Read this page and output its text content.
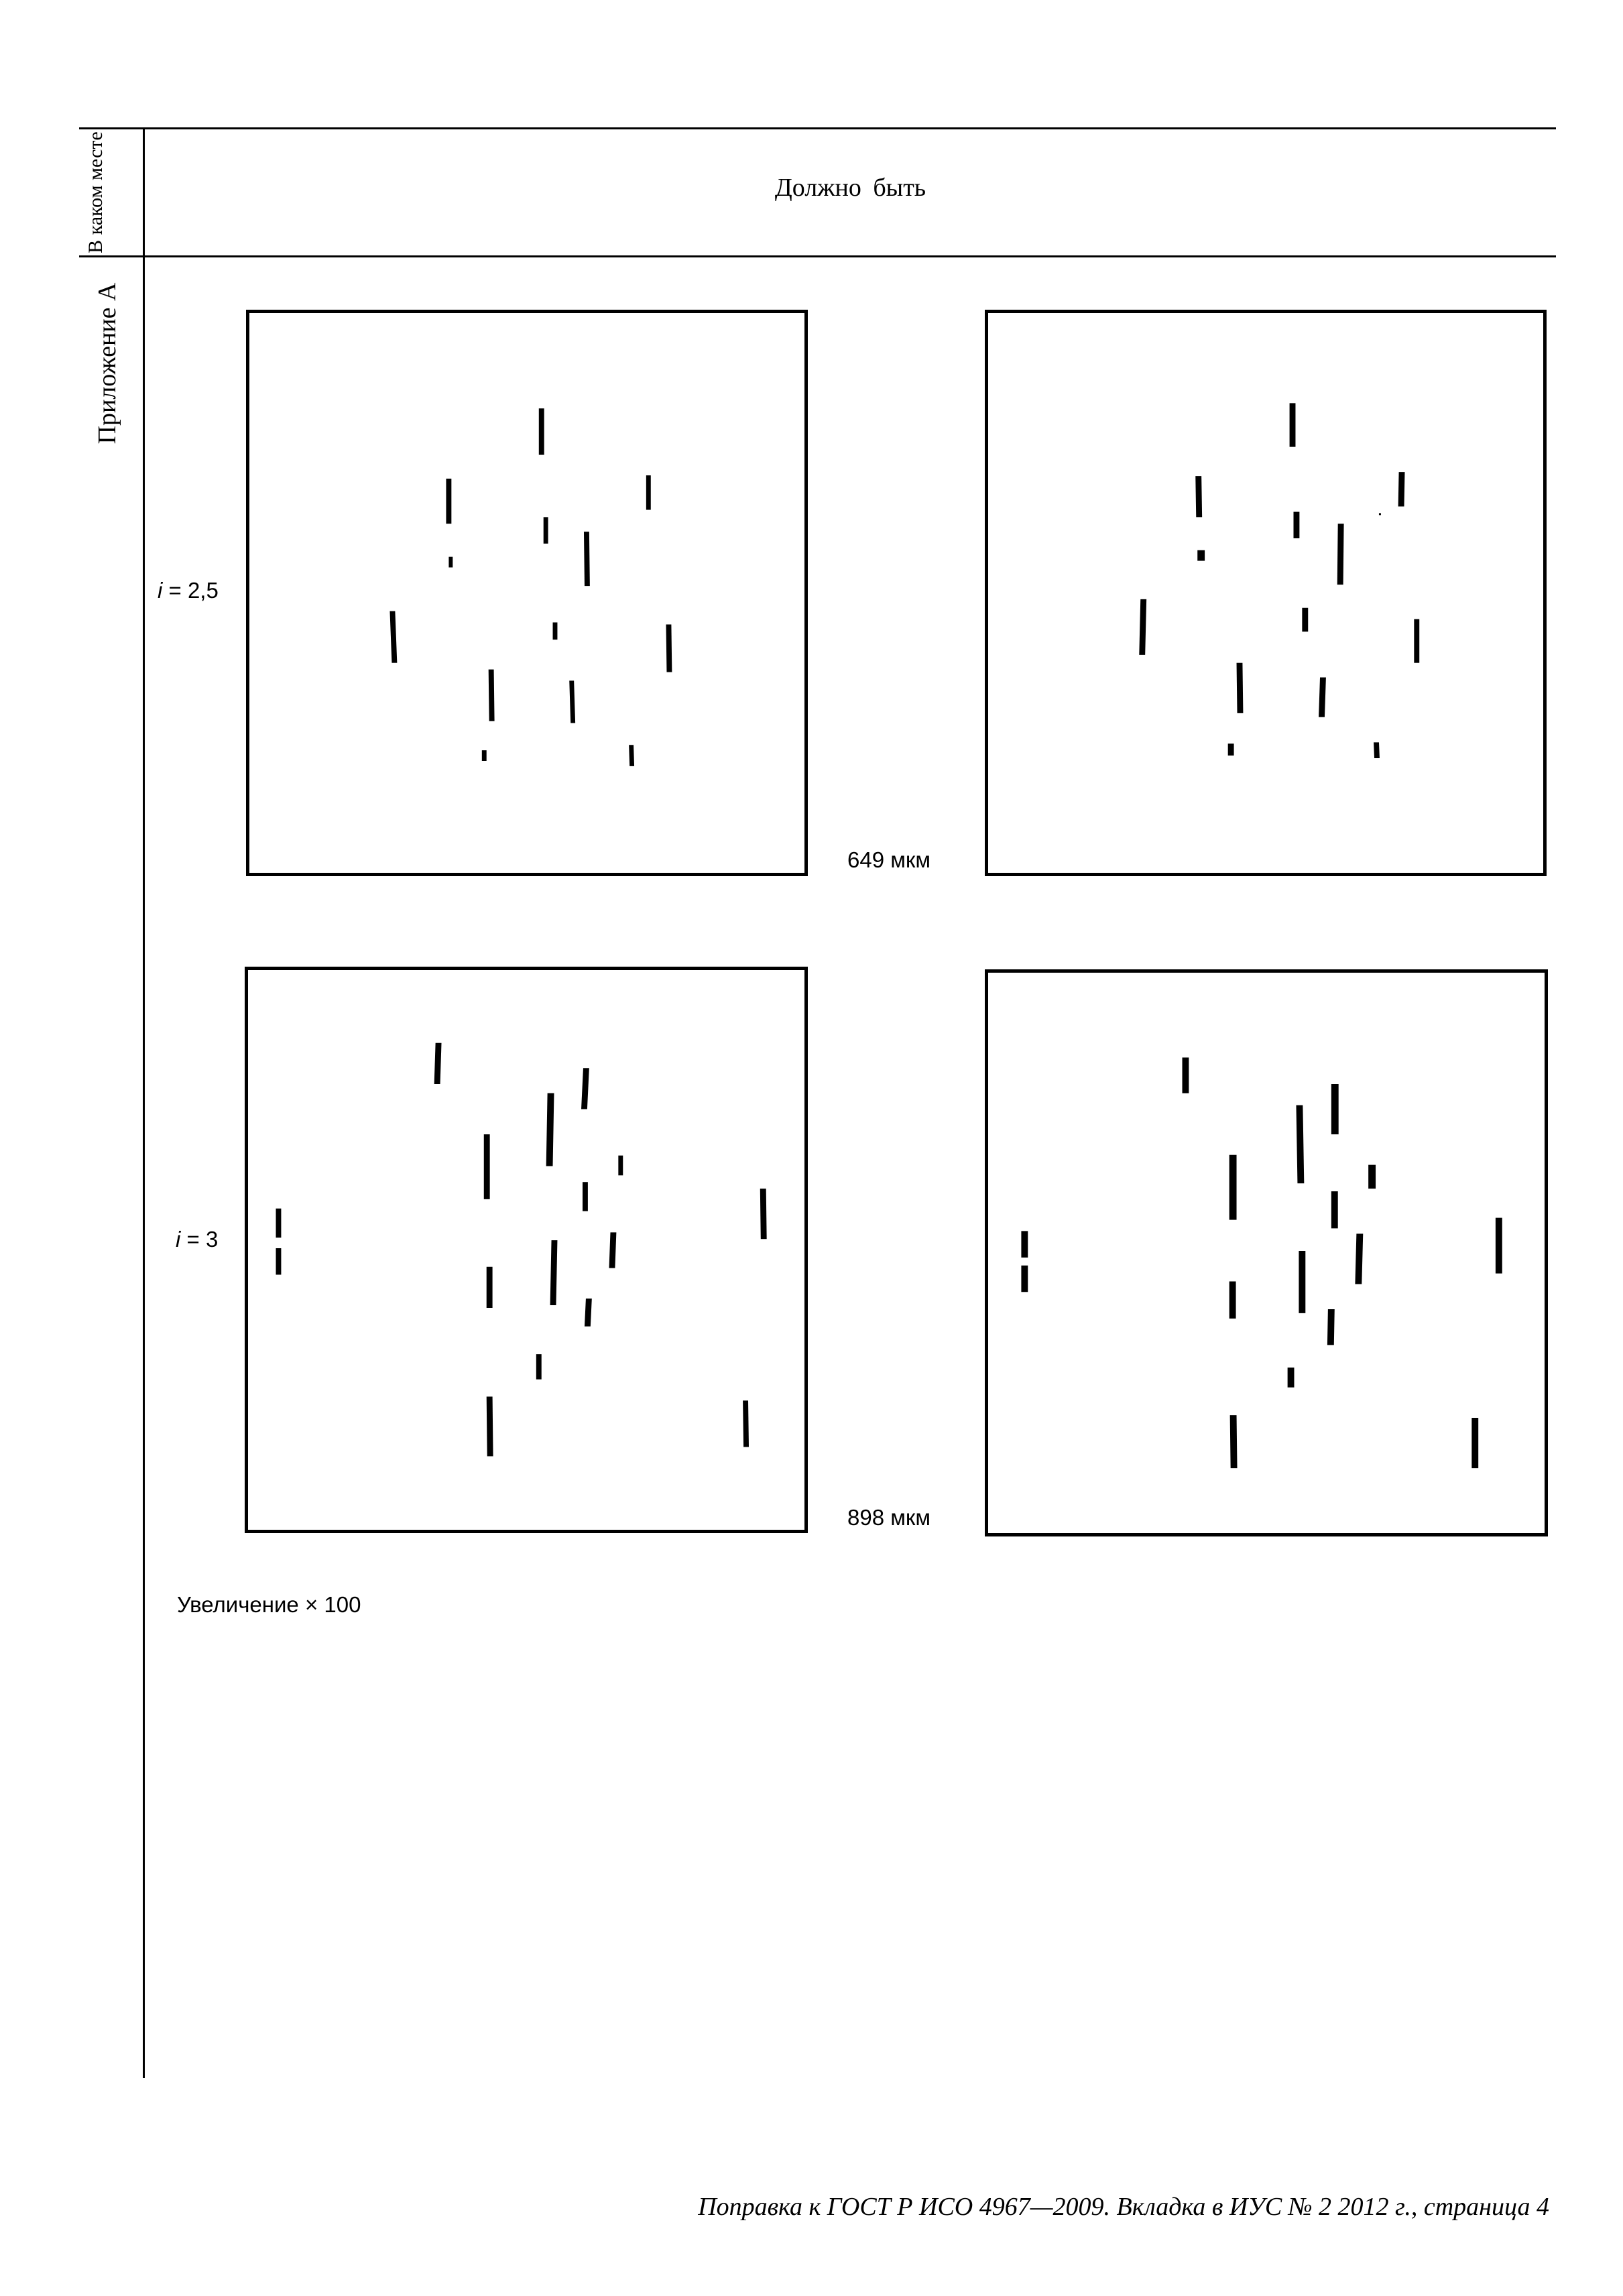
В каком месте	Должно быть
Приложение А
i = 2,5
649 мкм
i = 3
898 мкм
Увеличение × 100
Поправка к ГОСТ Р ИСО 4967—2009. Вкладка в ИУС № 2 2012 г., страница 4
